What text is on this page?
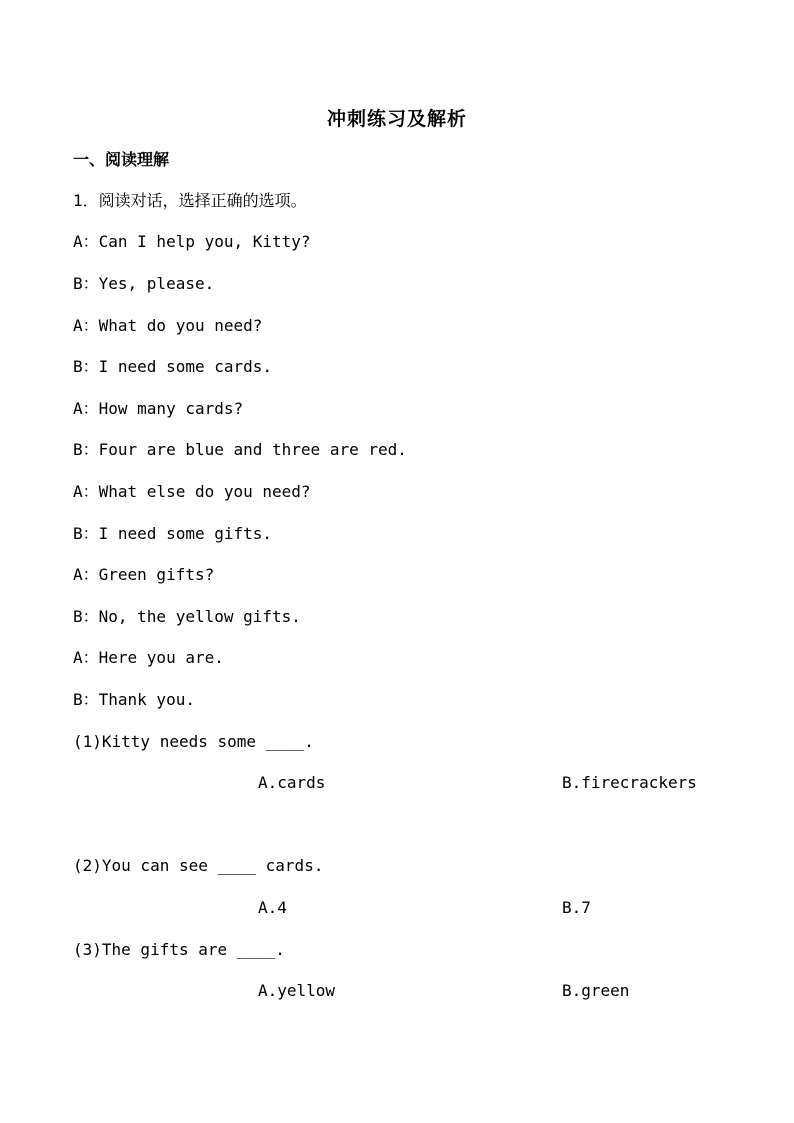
冲刺练习及解析
一、阅读理解
1．阅读对话，选择正确的选项。
A：Can I help you, Kitty?
B：Yes, please.
A：What do you need?
B：I need some cards.
A：How many cards?
B：Four are blue and three are red.
A：What else do you need?
B：I need some gifts.
A：Green gifts?
B：No, the yellow gifts.
A：Here you are.
B：Thank you.
(1)Kitty needs some ____.
A.cards	B.firecrackers
(2)You can see ____ cards.
A.4	B.7
(3)The gifts are ____.
A.yellow	B.green
